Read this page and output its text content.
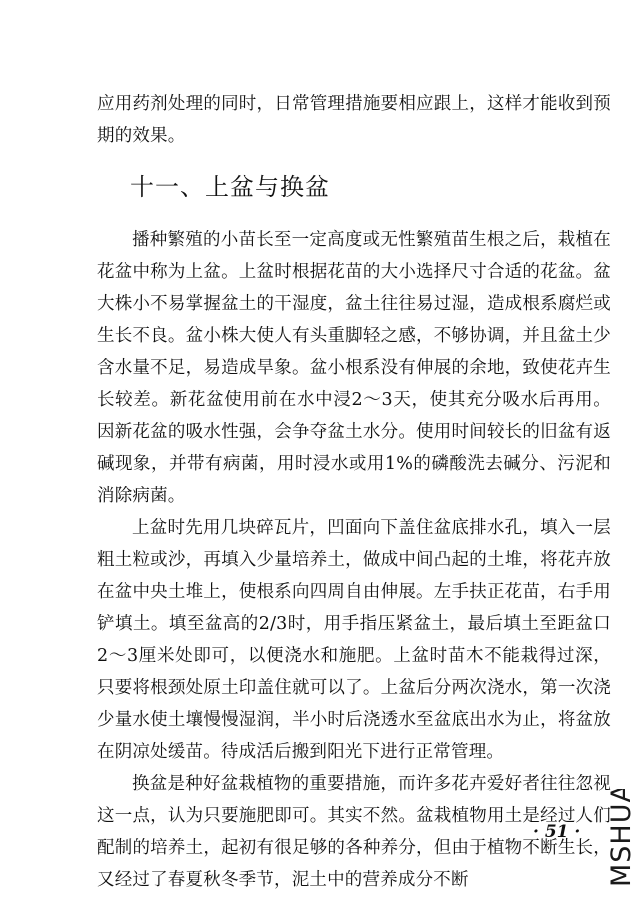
应用药剂处理的同时，日常管理措施要相应跟上，这样才能收到预期的效果。
十一、上盆与换盆

播种繁殖的小苗长至一定高度或无性繁殖苗生根之后，栽植在花盆中称为上盆。上盆时根据花苗的大小选择尺寸合适的花盆。盆大株小不易掌握盆土的干湿度，盆土往往易过湿，造成根系腐烂或生长不良。盆小株大使人有头重脚轻之感，不够协调，并且盆土少含水量不足，易造成旱象。盆小根系没有伸展的余地，致使花卉生长较差。新花盆使用前在水中浸2～3天，使其充分吸水后再用。因新花盆的吸水性强，会争夺盆土水分。使用时间较长的旧盆有返碱现象，并带有病菌，用时浸水或用1%的磷酸洗去碱分、污泥和消除病菌。

上盆时先用几块碎瓦片，凹面向下盖住盆底排水孔，填入一层粗土粒或沙，再填入少量培养土，做成中间凸起的土堆，将花卉放在盆中央土堆上，使根系向四周自由伸展。左手扶正花苗，右手用铲填土。填至盆高的2/3时，用手指压紧盆土，最后填土至距盆口2～3厘米处即可，以便浇水和施肥。上盆时苗木不能栽得过深，只要将根颈处原土印盖住就可以了。上盆后分两次浇水，第一次浇少量水使土壤慢慢湿润，半小时后浇透水至盆底出水为止，将盆放在阴凉处缓苗。待成活后搬到阳光下进行正常管理。

换盆是种好盆栽植物的重要措施，而许多花卉爱好者往往忽视这一点，认为只要施肥即可。其实不然。盆栽植物用土是经过人们配制的培养土，起初有很足够的各种养分，但由于植物不断生长，又经过了春夏秋冬季节，泥土中的营养成分不断

· 51 · MSHUA
